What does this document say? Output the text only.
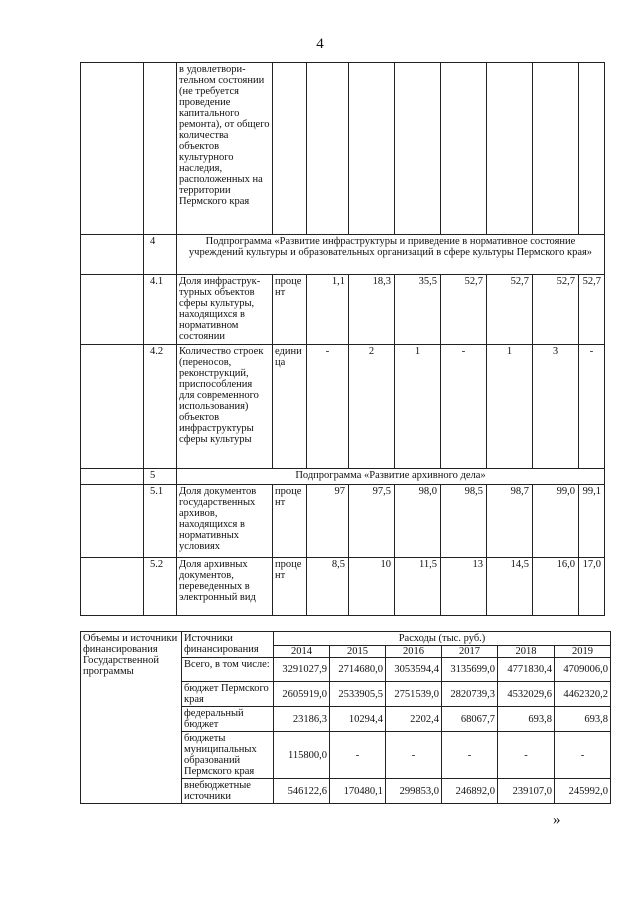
4
		в удовлетвори-тельном состоянии (не требуется проведение капитального ремонта), от общего количества объектов культурного наследия, расположенных на территории Пермского края								
	4	Подпрограмма «Развитие инфраструктуры и приведение в нормативное состояние учреждений культуры и образовательных организаций в сфере культуры Пермского края»								
	4.1	Доля инфраструк-турных объектов сферы культуры, находящихся в нормативном состоянии	проце нт	1,1	18,3	35,5	52,7	52,7	52,7	52,7
	4.2	Количество строек (переносов, реконструкций, приспособления для современного использования) объектов инфраструктуры сферы культуры	едини ца	-	2	1	-	1	3	-
	5	Подпрограмма «Развитие архивного дела»								
	5.1	Доля документов государственных архивов, находящихся в нормативных условиях	проце нт	97	97,5	98,0	98,5	98,7	99,0	99,1
	5.2	Доля архивных документов, переведенных в электронный вид	проце нт	8,5	10	11,5	13	14,5	16,0	17,0
Объемы и источники финансирования Государственной программы	Источники финансирования	Расходы (тыс. руб.)					
		2014	2015	2016	2017	2018	2019
	Всего, в том числе:	3291027,9	2714680,0	3053594,4	3135699,0	4771830,4	4709006,0
	бюджет Пермского края	2605919,0	2533905,5	2751539,0	2820739,3	4532029,6	4462320,2
	федеральный бюджет	23186,3	10294,4	2202,4	68067,7	693,8	693,8
	бюджеты муниципальных образований Пермского края	115800,0	-	-	-	-	-
	внебюджетные источники	546122,6	170480,1	299853,0	246892,0	239107,0	245992,0
»
